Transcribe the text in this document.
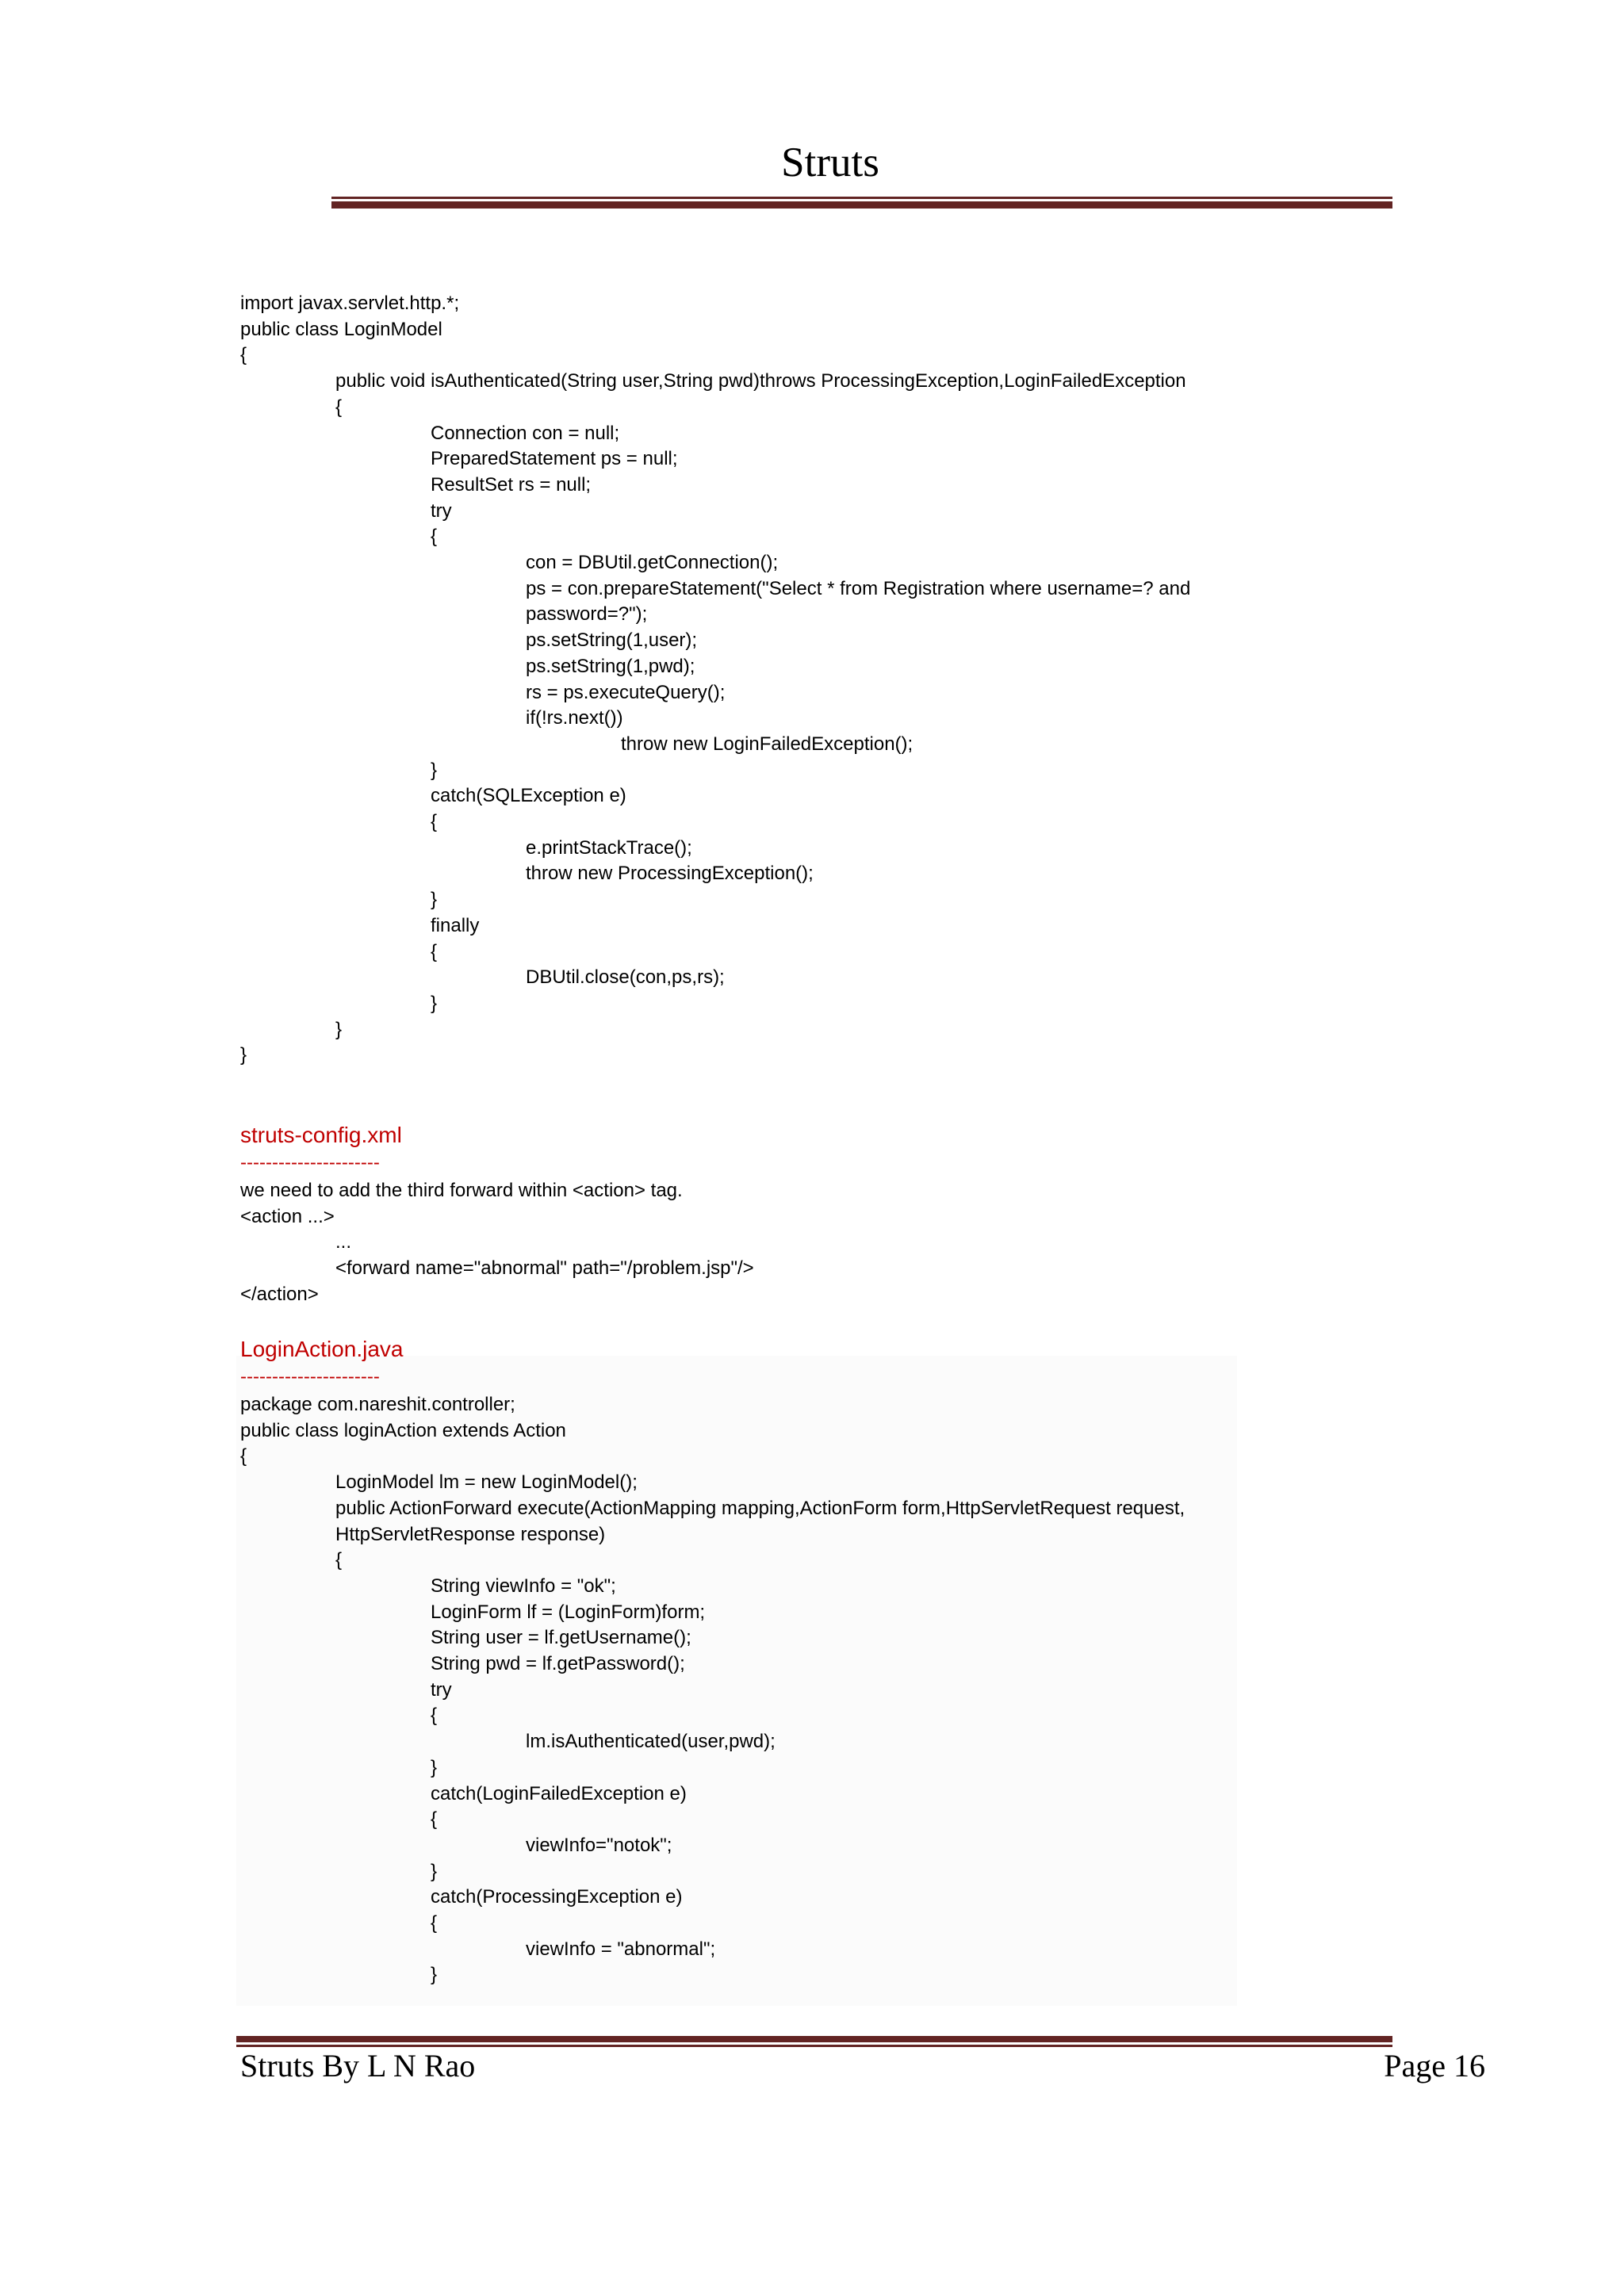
Struts
import javax.servlet.http.*;
public class LoginModel
{
public void isAuthenticated(String user,String pwd)throws ProcessingException,LoginFailedException
{
Connection con = null;
PreparedStatement ps = null;
ResultSet rs = null;
try
{
con = DBUtil.getConnection();
ps = con.prepareStatement("Select * from Registration where username=? and
password=?");
ps.setString(1,user);
ps.setString(1,pwd);
rs = ps.executeQuery();
if(!rs.next())
throw new LoginFailedException();
}
catch(SQLException e)
{
e.printStackTrace();
throw new ProcessingException();
}
finally
{
DBUtil.close(con,ps,rs);
}
}
}
struts-config.xml
----------------------
we need to add the third forward within <action> tag.
<action ...>
...
<forward name="abnormal" path="/problem.jsp"/>
</action>
LoginAction.java
----------------------
package com.nareshit.controller;
public class loginAction extends Action
{
LoginModel lm = new LoginModel();
public ActionForward execute(ActionMapping mapping,ActionForm form,HttpServletRequest request,
HttpServletResponse response)
{
String viewInfo = "ok";
LoginForm lf = (LoginForm)form;
String user = lf.getUsername();
String pwd = lf.getPassword();
try
{
lm.isAuthenticated(user,pwd);
}
catch(LoginFailedException e)
{
viewInfo="notok";
}
catch(ProcessingException e)
{
viewInfo = "abnormal";
}
Struts By L N Rao	Page 16
